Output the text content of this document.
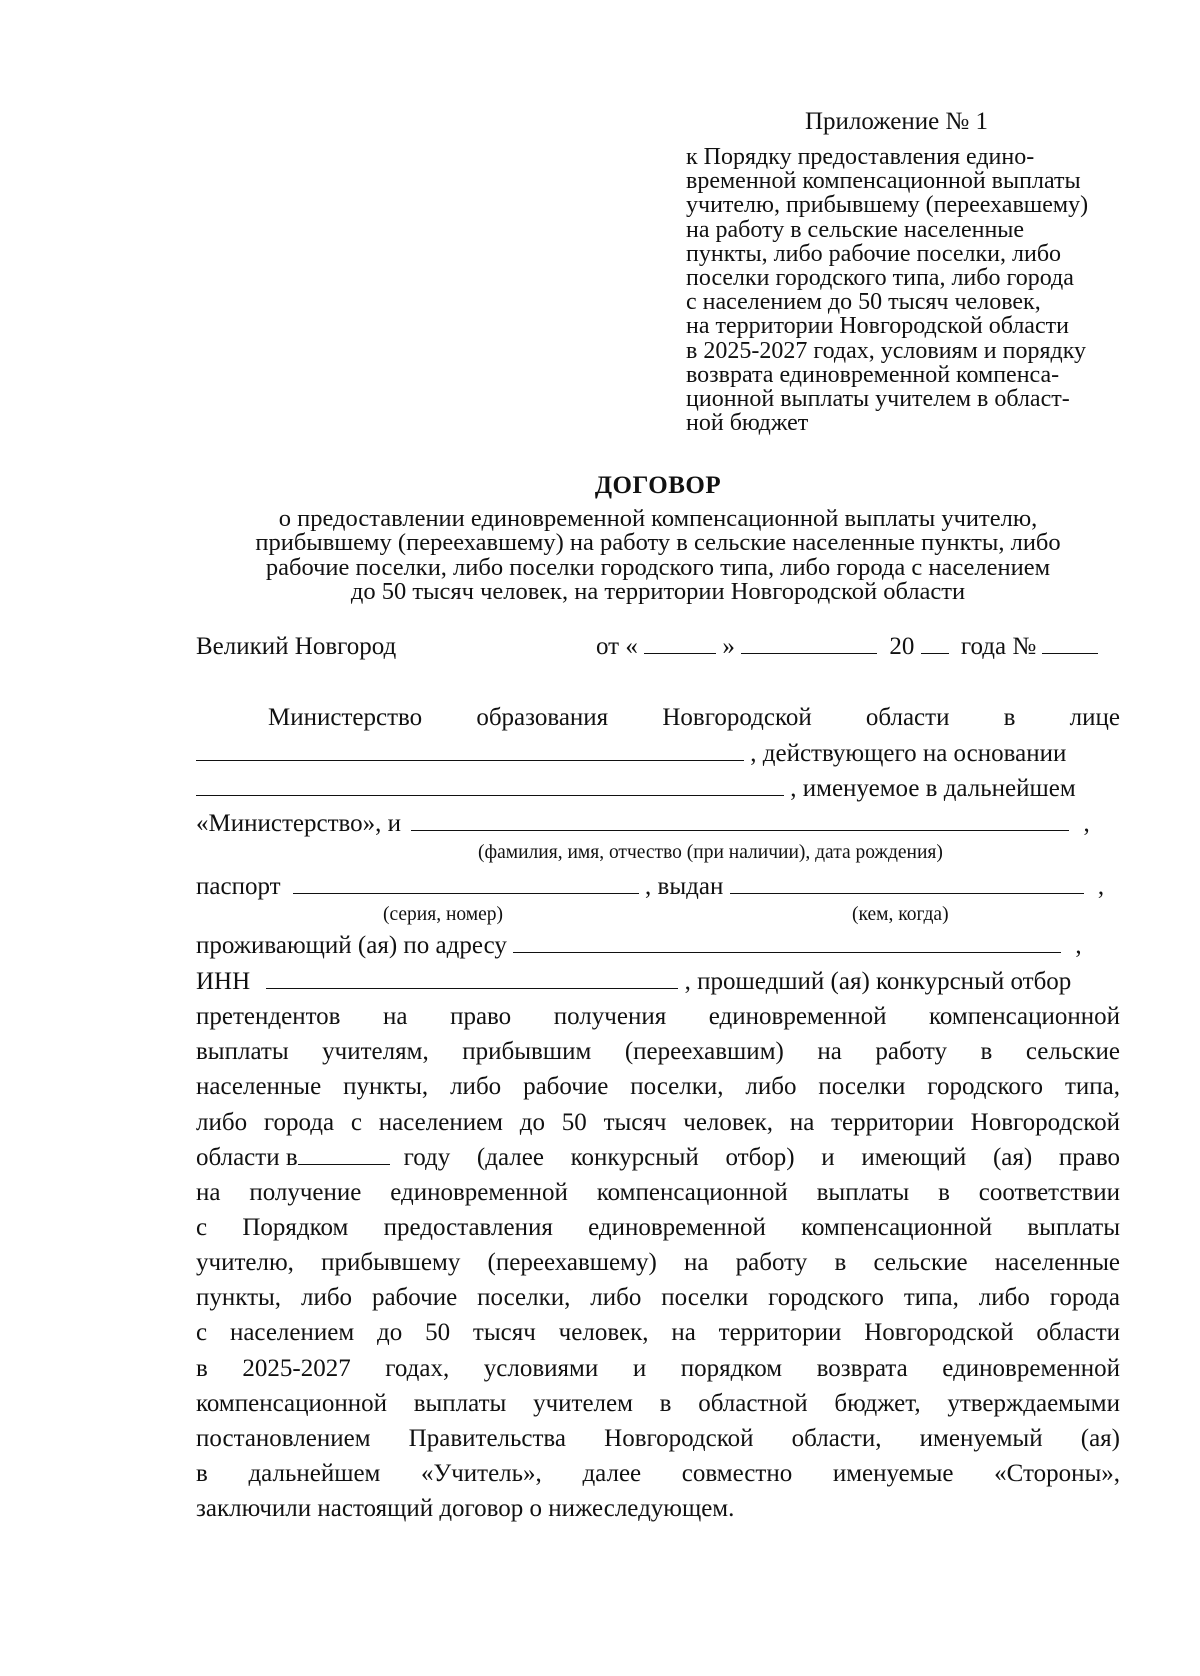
Приложение № 1
к Порядку предоставления едино-
временной компенсационной выплаты
учителю, прибывшему (переехавшему)
на работу в сельские населенные
пункты, либо рабочие поселки, либо
поселки городского типа, либо города
с населением до 50 тысяч человек,
на территории Новгородской области
в 2025-2027 годах, условиям и порядку
возврата единовременной компенса-
ционной выплаты учителем в област-
ной бюджет
ДОГОВОР
о предоставлении единовременной компенсационной выплаты учителю,
прибывшему (переехавшему) на работу в сельские населенные пункты, либо
рабочие поселки, либо поселки городского типа, либо города с населением
до 50 тысяч человек, на территории Новгородской области
Великий Новгород	от «	»	20 года №
Министерство образования Новгородской области в лице
, действующего на основании
, именуемое в дальнейшем
«Министерство», и	,
(фамилия, имя, отчество (при наличии), дата рождения)
паспорт	, выдан	,
(серия, номер)	(кем, когда)
проживающий (ая) по адресу	,
ИНН	, прошедший (ая) конкурсный отбор
претендентов на право получения единовременной компенсационной
выплаты учителям, прибывшим (переехавшим) на работу в сельские
населенные пункты, либо рабочие поселки, либо поселки городского типа,
либо города с населением до 50 тысяч человек, на территории Новгородской
области в	году (далее конкурсный отбор) и имеющий (ая) право
на получение единовременной компенсационной выплаты в соответствии
с Порядком предоставления единовременной компенсационной выплаты
учителю, прибывшему (переехавшему) на работу в сельские населенные
пункты, либо рабочие поселки, либо поселки городского типа, либо города
с населением до 50 тысяч человек, на территории Новгородской области
в 2025-2027 годах, условиями и порядком возврата единовременной
компенсационной выплаты учителем в областной бюджет, утверждаемыми
постановлением Правительства Новгородской области, именуемый (ая)
в дальнейшем «Учитель», далее совместно именуемые «Стороны»,
заключили настоящий договор о нижеследующем.
